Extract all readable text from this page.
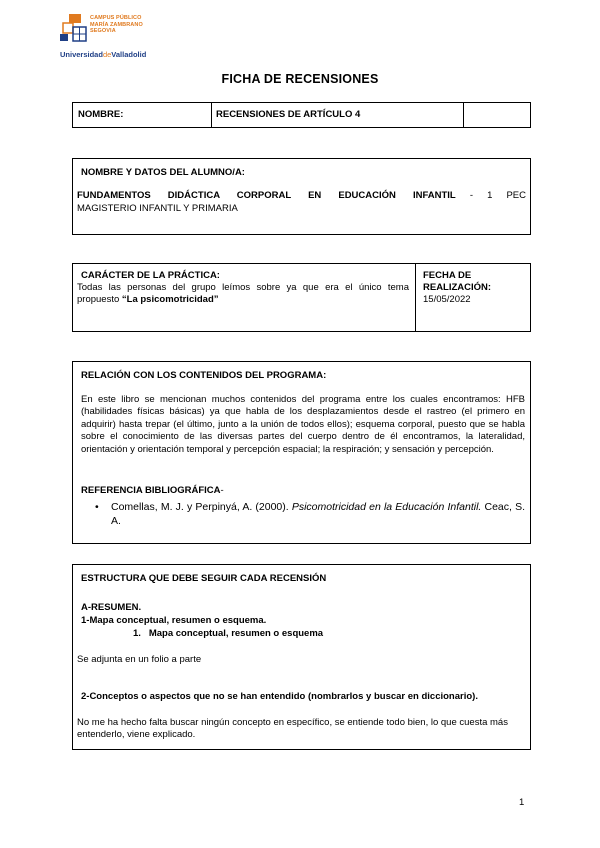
CAMPUS PÚBLICO
MARÍA ZAMBRANO
SEGOVIA
UniversidaddeValladolid
FICHA DE RECENSIONES
NOMBRE:	RECENSIONES DE ARTÍCULO 4
NOMBRE Y DATOS DEL ALUMNO/A:
FUNDAMENTOS DIDÁCTICA CORPORAL EN EDUCACIÓN INFANTIL - 1 PEC
MAGISTERIO INFANTIL Y PRIMARIA
CARÁCTER DE LA PRÁCTICA:
Todas las personas del grupo leímos sobre ya que era el único tema propuesto “La psicomotricidad”
FECHA DE
REALIZACIÓN:
15/05/2022
RELACIÓN CON LOS CONTENIDOS DEL PROGRAMA:
En este libro se mencionan muchos contenidos del programa entre los cuales encontramos: HFB (habilidades físicas básicas) ya que habla de los desplazamientos desde el rastreo (el primero en adquirir) hasta trepar (el último, junto a la unión de todos ellos); esquema corporal, puesto que se habla sobre el conocimiento de las diversas partes del cuerpo dentro de él encontramos, la lateralidad, orientación y orientación temporal y percepción espacial; la respiración; y sensación y percepción.
REFERENCIA BIBLIOGRÁFICA-
• Comellas, M. J. y Perpinyá, A. (2000). Psicomotricidad en la Educación Infantil. Ceac, S. A.
ESTRUCTURA QUE DEBE SEGUIR CADA RECENSIÓN
A-RESUMEN.
1-Mapa conceptual, resumen o esquema.
1.   Mapa conceptual, resumen o esquema
Se adjunta en un folio a parte
2-Conceptos o aspectos que no se han entendido (nombrarlos y buscar en diccionario).
No me ha hecho falta buscar ningún concepto en específico, se entiende todo bien, lo que cuesta más entenderlo, viene explicado.
1
